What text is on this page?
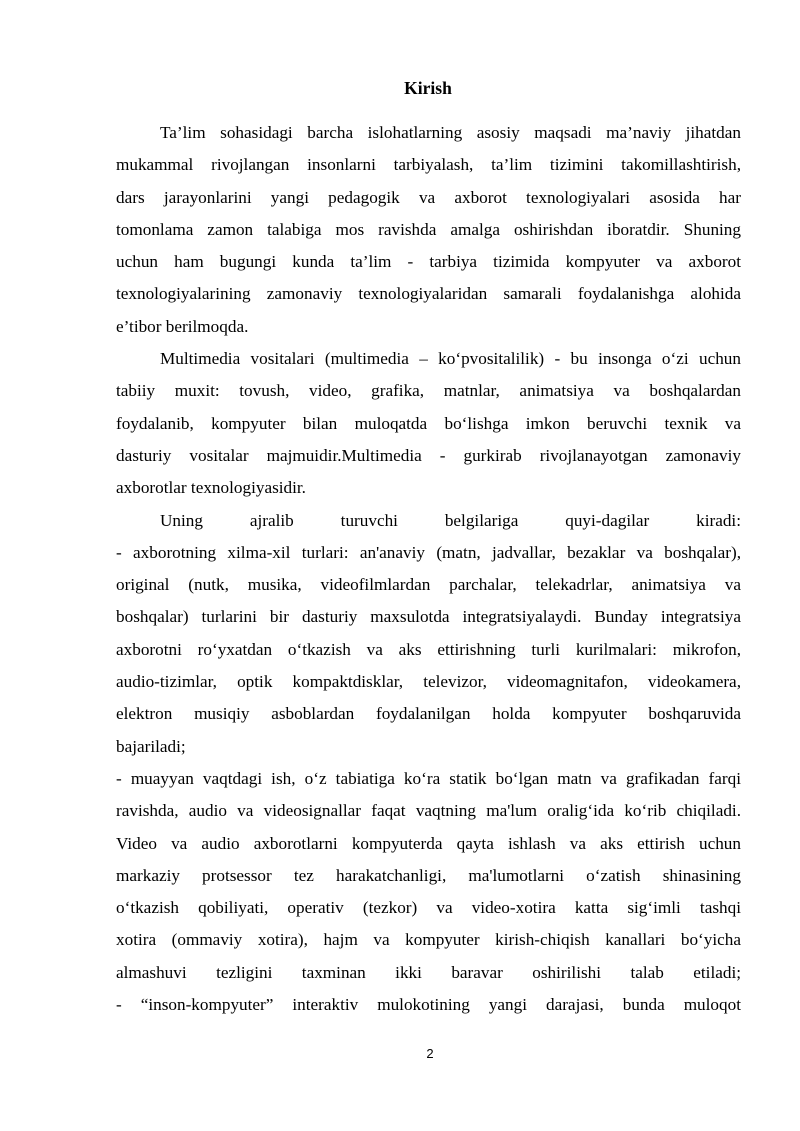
Kirish
Ta’lim sohasidagi barcha islohatlarning asosiy maqsadi ma’naviy jihatdan
mukammal rivojlangan insonlarni tarbiyalash, ta’lim tizimini takomillashtirish,
dars jarayonlarini yangi pedagogik va axborot texnologiyalari asosida har
tomonlama zamon talabiga mos ravishda amalga oshirishdan iboratdir. Shuning
uchun ham bugungi kunda ta’lim - tarbiya tizimida kompyuter va axborot
texnologiyalarining zamonaviy texnologiyalaridan samarali foydalanishga alohida
e’tibor berilmoqda.
Multimedia vositalari (multimedia – ko‘pvositalilik) - bu insonga o‘zi uchun
tabiiy muxit: tovush, video, grafika, matnlar, animatsiya va boshqalardan
foydalanib, kompyuter bilan muloqatda bo‘lishga imkon beruvchi texnik va
dasturiy vositalar majmuidir.Multimedia - gurkirab rivojlanayotgan zamonaviy
axborotlar texnologiyasidir.
Uning ajralib turuvchi belgilariga quyi-dagilar kiradi:
- axborotning xilma-xil turlari: an'anaviy (matn, jadvallar, bezaklar va boshqalar),
original (nutk, musika, videofilmlardan parchalar, telekadrlar, animatsiya va
boshqalar) turlarini bir dasturiy maxsulotda integratsiyalaydi. Bunday integratsiya
axborotni ro‘yxatdan o‘tkazish va aks ettirishning turli kurilmalari: mikrofon,
audio-tizimlar, optik kompaktdisklar, televizor, videomagnitafon, videokamera,
elektron musiqiy asboblardan foydalanilgan holda kompyuter boshqaruvida
bajariladi;
- muayyan vaqtdagi ish, o‘z tabiatiga ko‘ra statik bo‘lgan matn va grafikadan farqi
ravishda, audio va videosignallar faqat vaqtning ma'lum oralig‘ida ko‘rib chiqiladi.
Video va audio axborotlarni kompyuterda qayta ishlash va aks ettirish uchun
markaziy protsessor tez harakatchanligi, ma'lumotlarni o‘zatish shinasining
o‘tkazish qobiliyati, operativ (tezkor) va video-xotira katta sig‘imli tashqi
xotira (ommaviy xotira), hajm va kompyuter kirish-chiqish kanallari bo‘yicha
almashuvi tezligini taxminan ikki baravar oshirilishi talab etiladi;
- “inson-kompyuter” interaktiv mulokotining yangi darajasi, bunda muloqot
2
